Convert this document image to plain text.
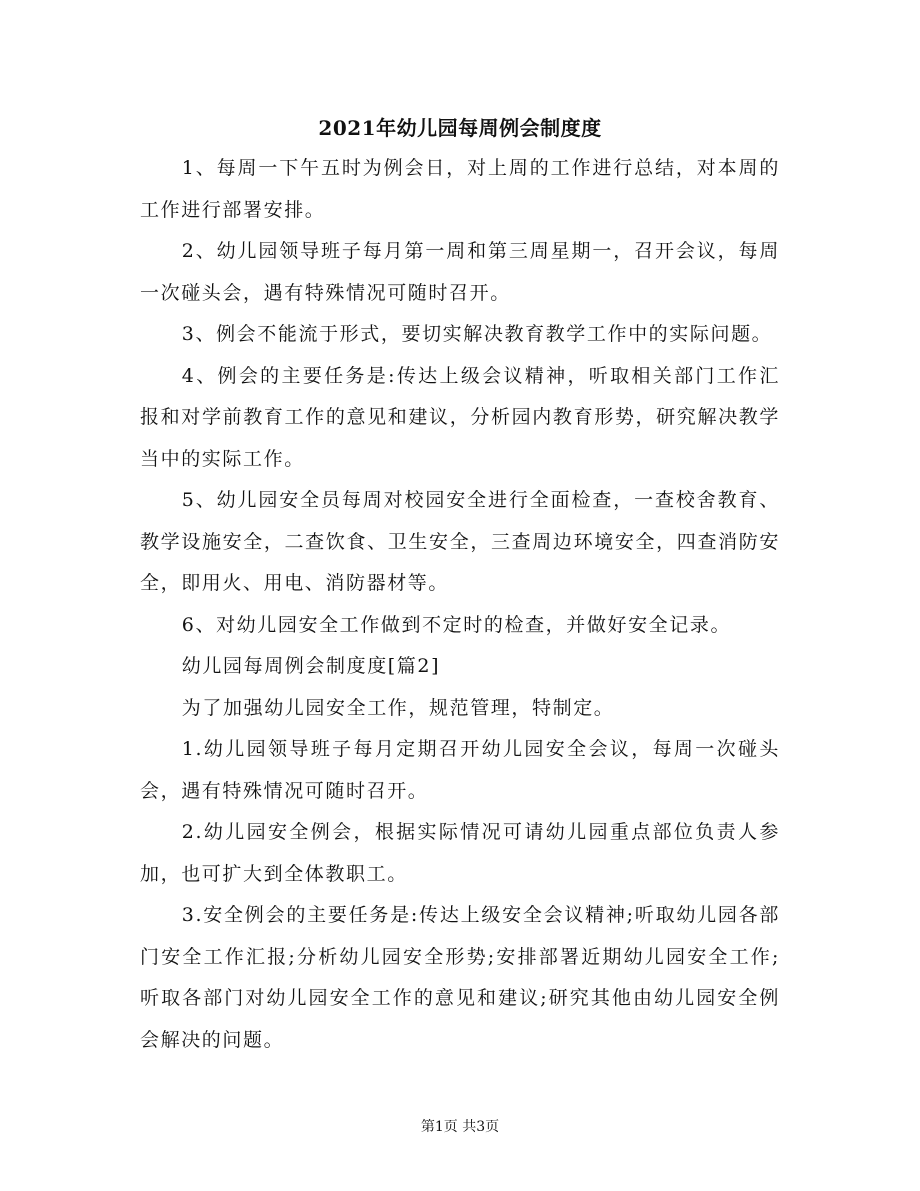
2021年幼儿园每周例会制度度

1、每周一下午五时为例会日，对上周的工作进行总结，对本周的工作进行部署安排。

2、幼儿园领导班子每月第一周和第三周星期一，召开会议，每周一次碰头会，遇有特殊情况可随时召开。

3、例会不能流于形式，要切实解决教育教学工作中的实际问题。

4、例会的主要任务是:传达上级会议精神，听取相关部门工作汇报和对学前教育工作的意见和建议，分析园内教育形势，研究解决教学当中的实际工作。

5、幼儿园安全员每周对校园安全进行全面检查，一查校舍教育、教学设施安全，二查饮食、卫生安全，三查周边环境安全，四查消防安全，即用火、用电、消防器材等。

6、对幼儿园安全工作做到不定时的检查，并做好安全记录。

幼儿园每周例会制度度[篇2]

为了加强幼儿园安全工作，规范管理，特制定。

1.幼儿园领导班子每月定期召开幼儿园安全会议，每周一次碰头会，遇有特殊情况可随时召开。

2.幼儿园安全例会，根据实际情况可请幼儿园重点部位负责人参加，也可扩大到全体教职工。

3.安全例会的主要任务是:传达上级安全会议精神;听取幼儿园各部门安全工作汇报;分析幼儿园安全形势;安排部署近期幼儿园安全工作;听取各部门对幼儿园安全工作的意见和建议;研究其他由幼儿园安全例会解决的问题。

第1页 共3页
